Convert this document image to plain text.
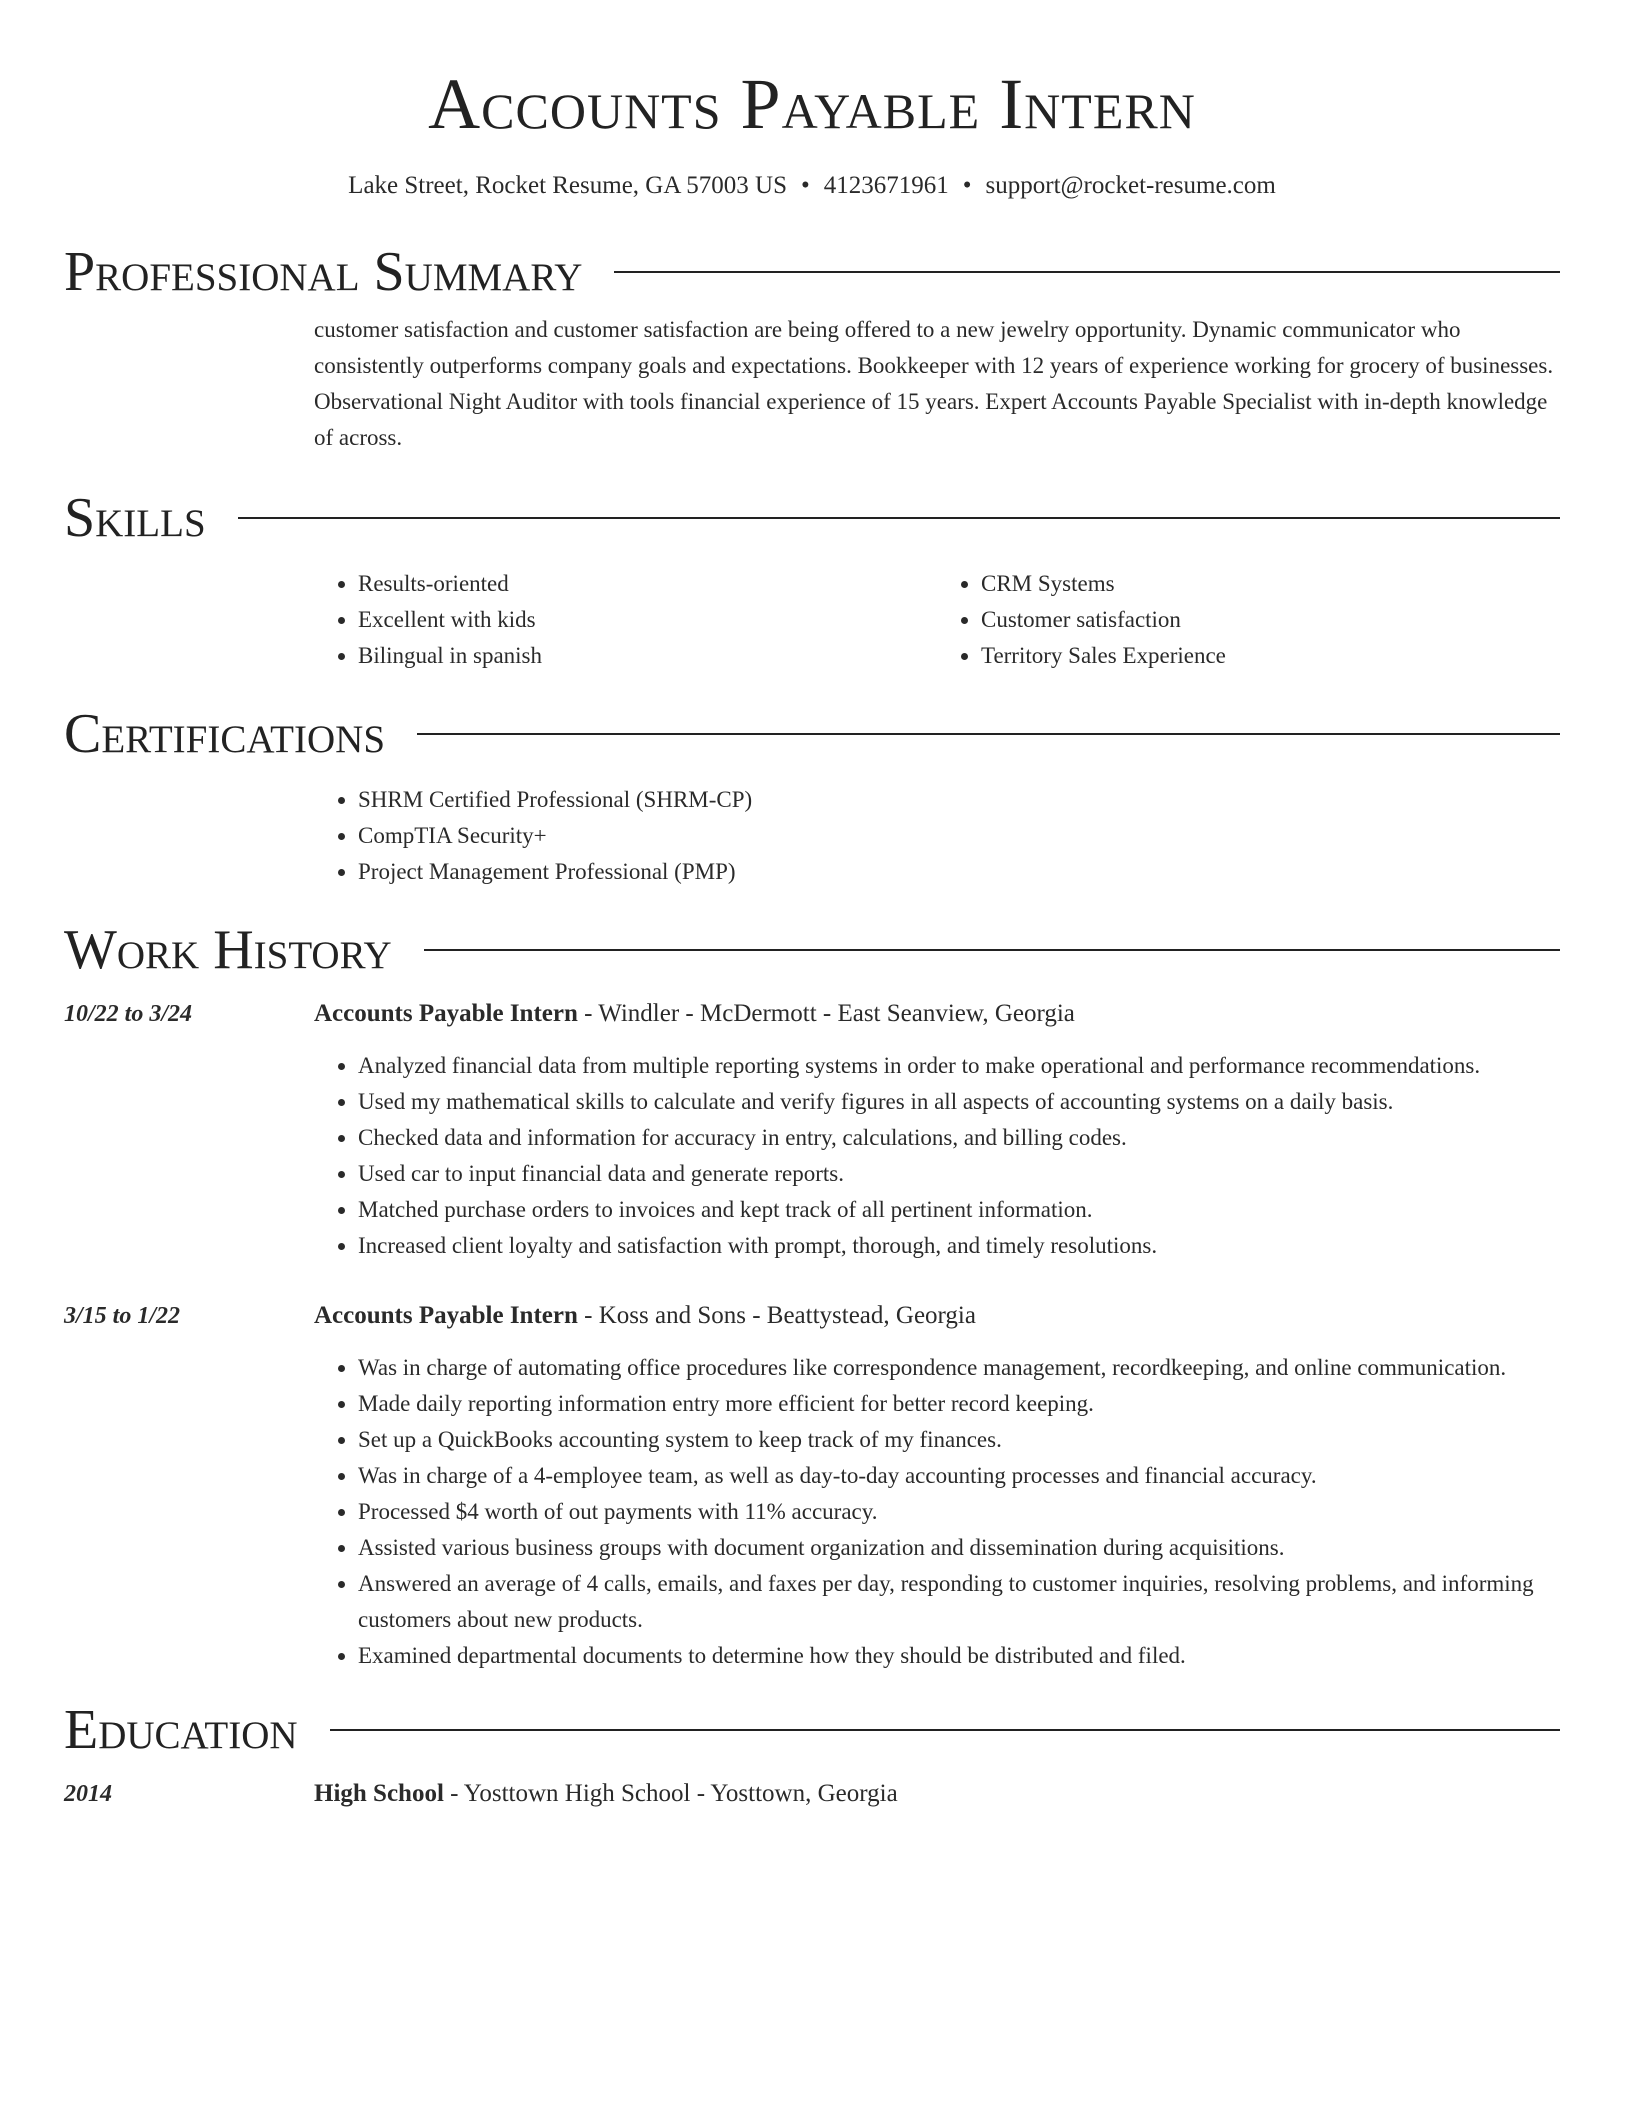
Accounts Payable Intern
Lake Street, Rocket Resume, GA 57003 US • 4123671961 • support@rocket-resume.com
Professional Summary
customer satisfaction and customer satisfaction are being offered to a new jewelry opportunity. Dynamic communicator who consistently outperforms company goals and expectations. Bookkeeper with 12 years of experience working for grocery of businesses. Observational Night Auditor with tools financial experience of 15 years. Expert Accounts Payable Specialist with in-depth knowledge of across.
Skills
• Results-oriented
• Excellent with kids
• Bilingual in spanish
• CRM Systems
• Customer satisfaction
• Territory Sales Experience
Certifications
• SHRM Certified Professional (SHRM-CP)
• CompTIA Security+
• Project Management Professional (PMP)
Work History
10/22 to 3/24	Accounts Payable Intern - Windler - McDermott - East Seanview, Georgia
• Analyzed financial data from multiple reporting systems in order to make operational and performance recommendations.
• Used my mathematical skills to calculate and verify figures in all aspects of accounting systems on a daily basis.
• Checked data and information for accuracy in entry, calculations, and billing codes.
• Used car to input financial data and generate reports.
• Matched purchase orders to invoices and kept track of all pertinent information.
• Increased client loyalty and satisfaction with prompt, thorough, and timely resolutions.
3/15 to 1/22	Accounts Payable Intern - Koss and Sons - Beattystead, Georgia
• Was in charge of automating office procedures like correspondence management, recordkeeping, and online communication.
• Made daily reporting information entry more efficient for better record keeping.
• Set up a QuickBooks accounting system to keep track of my finances.
• Was in charge of a 4-employee team, as well as day-to-day accounting processes and financial accuracy.
• Processed $4 worth of out payments with 11% accuracy.
• Assisted various business groups with document organization and dissemination during acquisitions.
• Answered an average of 4 calls, emails, and faxes per day, responding to customer inquiries, resolving problems, and informing customers about new products.
• Examined departmental documents to determine how they should be distributed and filed.
Education
2014	High School - Yosttown High School - Yosttown, Georgia
